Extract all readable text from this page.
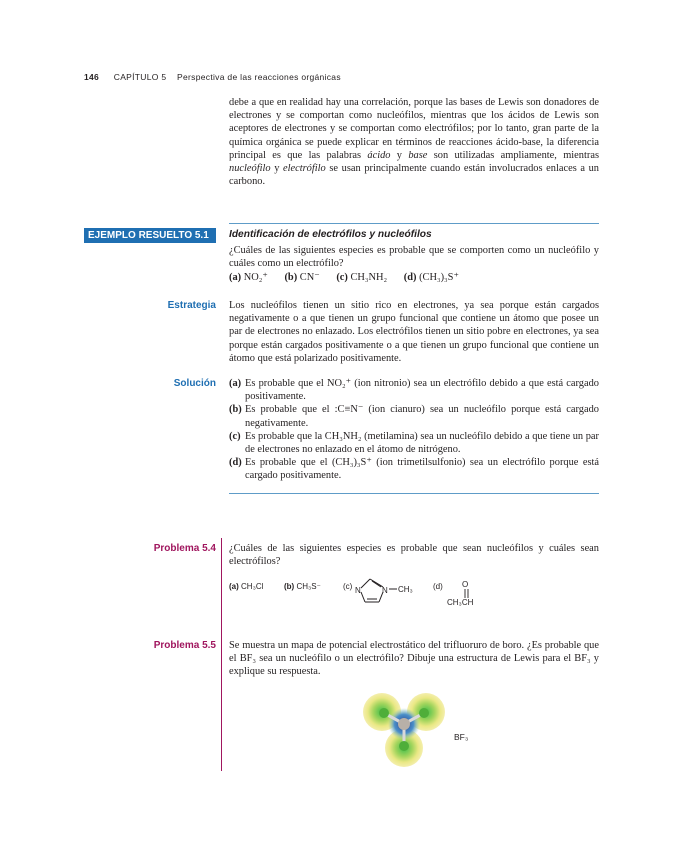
146 CAPÍTULO 5 Perspectiva de las reacciones orgánicas
debe a que en realidad hay una correlación, porque las bases de Lewis son donadores de electrones y se comportan como nucleófilos, mientras que los ácidos de Lewis son aceptores de electrones y se comportan como electrófilos; por lo tanto, gran parte de la química orgánica se puede explicar en términos de reacciones ácido-base, la diferencia principal es que las palabras ácido y base son utilizadas ampliamente, mientras nucleófilo y electrófilo se usan principalmente cuando están involucrados enlaces a un carbono.
EJEMPLO RESUELTO 5.1	Identificación de electrófilos y nucleófilos
¿Cuáles de las siguientes especies es probable que se comporten como un nucleófilo y cuáles como un electrófilo?
(a) NO₂⁺ (b) CN⁻ (c) CH₃NH₂ (d) (CH₃)₃S⁺
Estrategia Los nucleófilos tienen un sitio rico en electrones, ya sea porque están cargados negativamente o a que tienen un grupo funcional que contiene un átomo que posee un par de electrones no enlazado. Los electrófilos tienen un sitio pobre en electrones, ya sea porque están cargados positivamente o a que tienen un grupo funcional que contiene un átomo que está polarizado positivamente.
Solución (a) Es probable que el NO₂⁺ (ion nitronio) sea un electrófilo debido a que está cargado positivamente.
(b) Es probable que el :C≡N⁻ (ion cianuro) sea un nucleófilo porque está cargado negativamente.
(c) Es probable que la CH₃NH₂ (metilamina) sea un nucleófilo debido a que tiene un par de electrones no enlazado en el átomo de nitrógeno.
(d) Es probable que el (CH₃)₃S⁺ (ion trimetilsulfonio) sea un electrófilo porque está cargado positivamente.
Problema 5.4 ¿Cuáles de las siguientes especies es probable que sean nucleófilos y cuáles sean electrófilos?
(a) CH₃Cl	(b) CH₃S⁻	(c) N	N CH₃	(d) O
CH₃CH
Problema 5.5 Se muestra un mapa de potencial electrostático del trifluoruro de boro. ¿Es probable que el BF₃ sea un nucleófilo o un electrófilo? Dibuje una estructura de Lewis para el BF₃ y explique su respuesta.
BF₃
